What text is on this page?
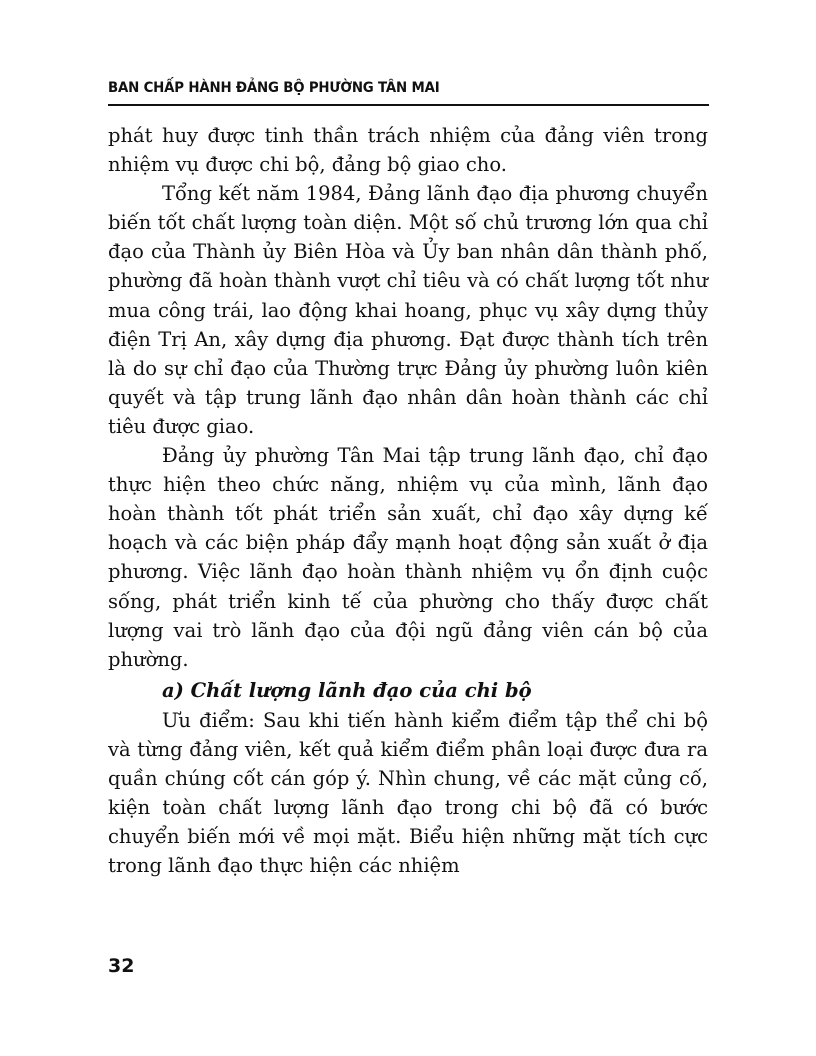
BAN CHẤP HÀNH ĐẢNG BỘ PHƯỜNG TÂN MAI

phát huy được tinh thần trách nhiệm của đảng viên trong nhiệm vụ được chi bộ, đảng bộ giao cho.

Tổng kết năm 1984, Đảng lãnh đạo địa phương chuyển biến tốt chất lượng toàn diện. Một số chủ trương lớn qua chỉ đạo của Thành ủy Biên Hòa và Ủy ban nhân dân thành phố, phường đã hoàn thành vượt chỉ tiêu và có chất lượng tốt như mua công trái, lao động khai hoang, phục vụ xây dựng thủy điện Trị An, xây dựng địa phương. Đạt được thành tích trên là do sự chỉ đạo của Thường trực Đảng ủy phường luôn kiên quyết và tập trung lãnh đạo nhân dân hoàn thành các chỉ tiêu được giao.

Đảng ủy phường Tân Mai tập trung lãnh đạo, chỉ đạo thực hiện theo chức năng, nhiệm vụ của mình, lãnh đạo hoàn thành tốt phát triển sản xuất, chỉ đạo xây dựng kế hoạch và các biện pháp đẩy mạnh hoạt động sản xuất ở địa phương. Việc lãnh đạo hoàn thành nhiệm vụ ổn định cuộc sống, phát triển kinh tế của phường cho thấy được chất lượng vai trò lãnh đạo của đội ngũ đảng viên cán bộ của phường.

a) Chất lượng lãnh đạo của chi bộ

Ưu điểm: Sau khi tiến hành kiểm điểm tập thể chi bộ và từng đảng viên, kết quả kiểm điểm phân loại được đưa ra quần chúng cốt cán góp ý. Nhìn chung, về các mặt củng cố, kiện toàn chất lượng lãnh đạo trong chi bộ đã có bước chuyển biến mới về mọi mặt. Biểu hiện những mặt tích cực trong lãnh đạo thực hiện các nhiệm

32
